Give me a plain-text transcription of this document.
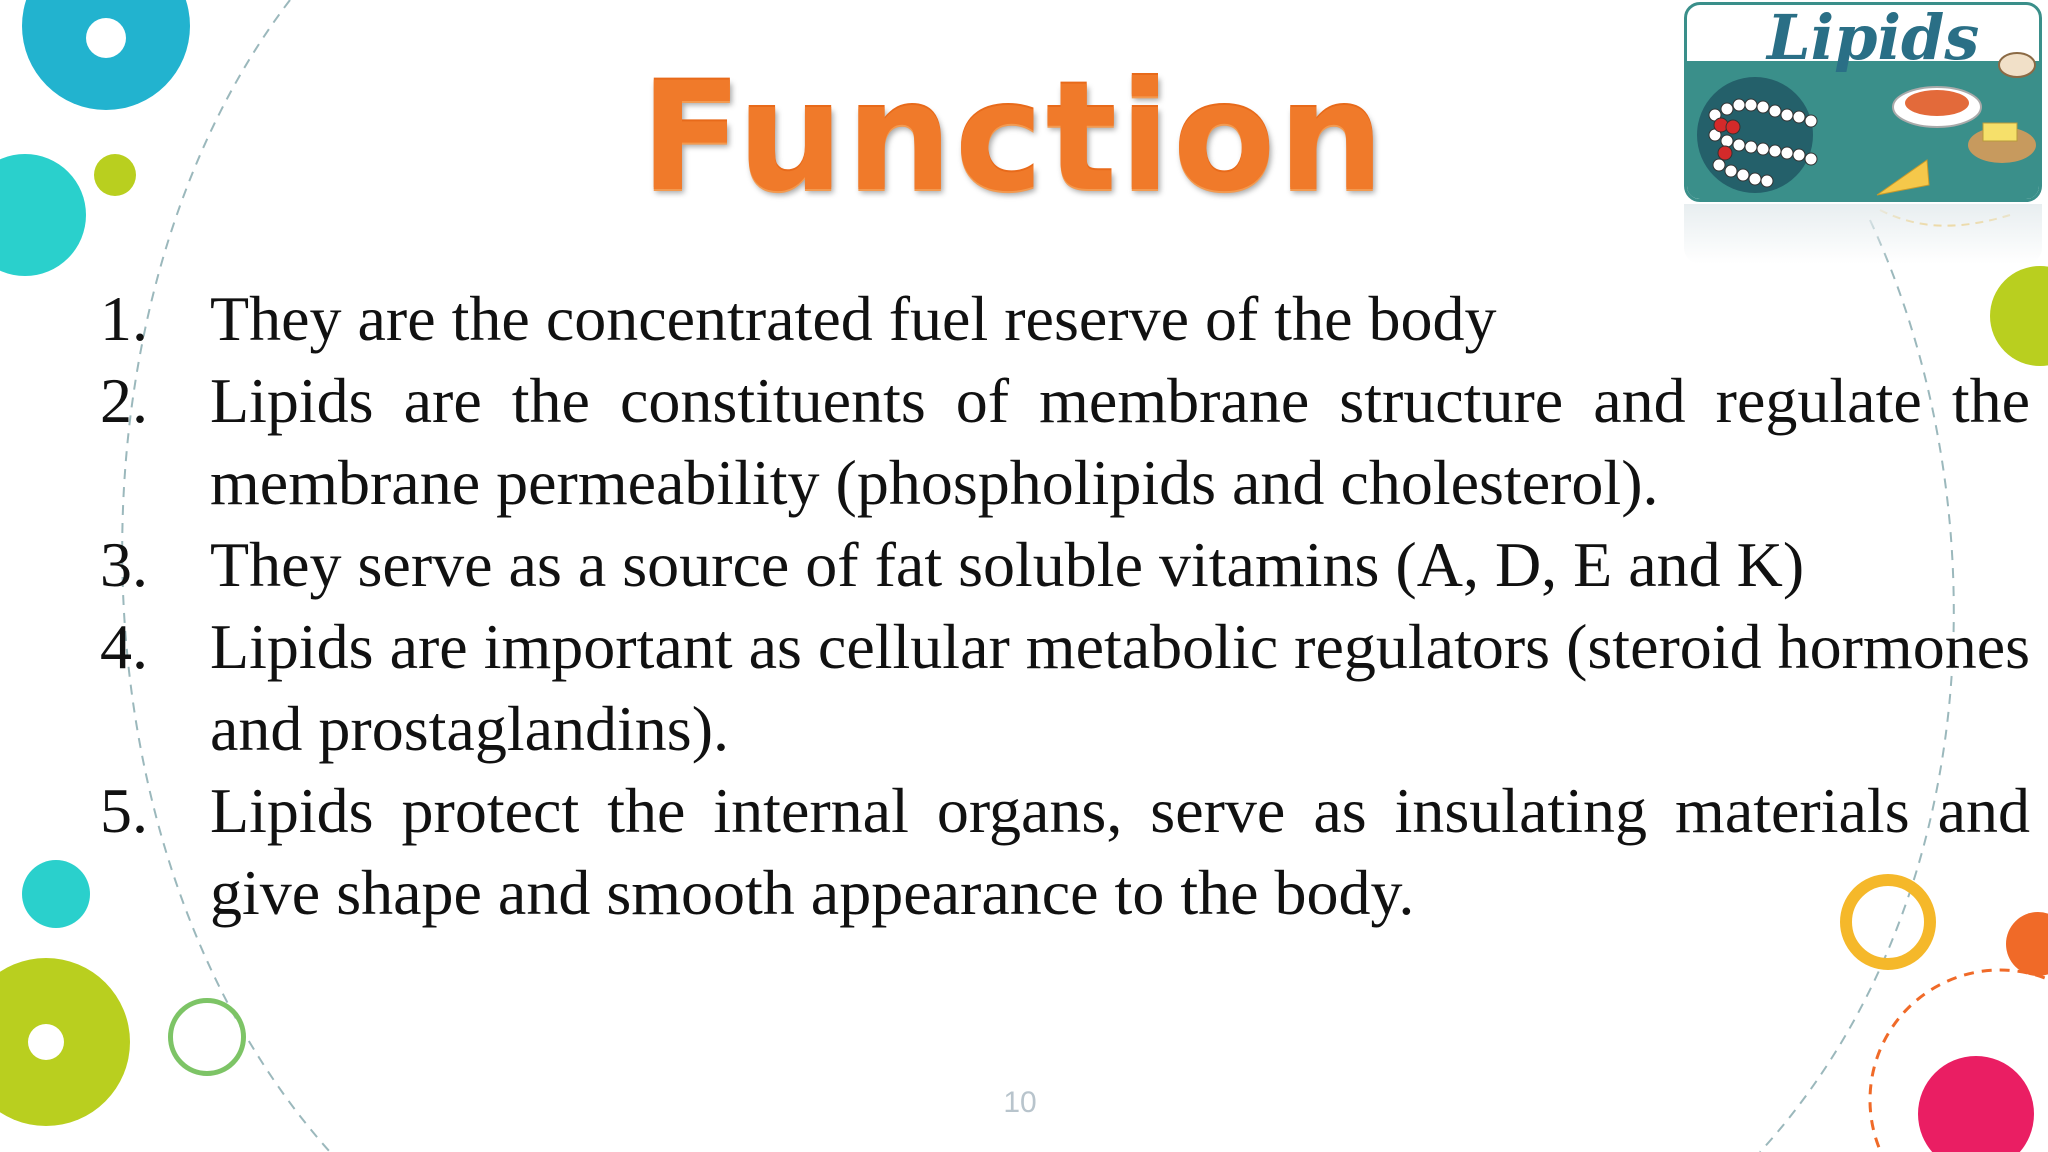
Function
Lipids
1. They are the concentrated fuel reserve of the body
2. Lipids are the constituents of membrane structure and regulate the membrane permeability (phospholipids and cholesterol).
3. They serve as a source of fat soluble vitamins (A, D, E and K)
4. Lipids are important as cellular metabolic regulators (steroid hormones and prostaglandins).
5. Lipids protect the internal organs, serve as insulating materials and give shape and smooth appearance to the body.
10
